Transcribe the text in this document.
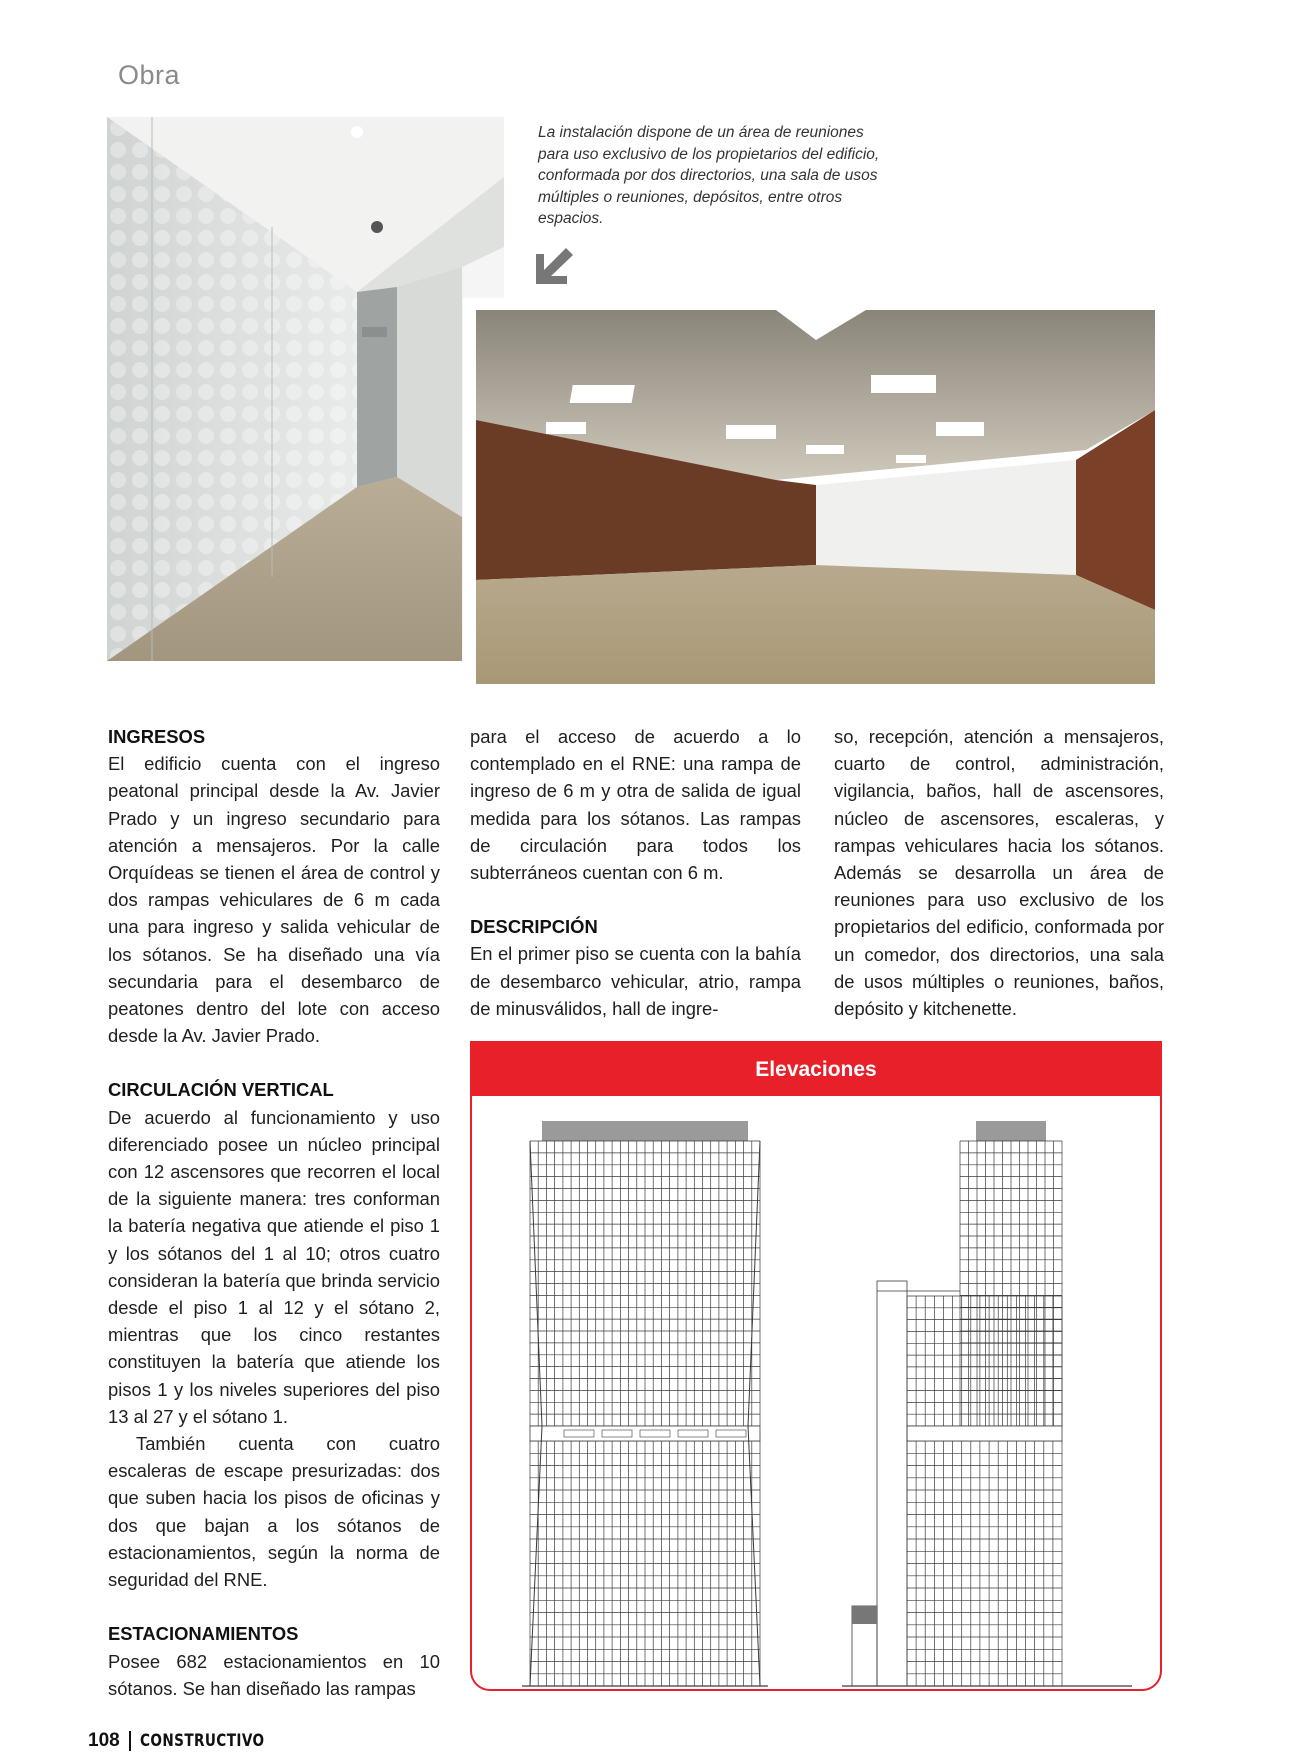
Obra
La instalación dispone de un área de reuniones para uso exclusivo de los propietarios del edificio, conformada por dos directorios, una sala de usos múltiples o reuniones, depósitos, entre otros espacios.
INGRESOS

El edificio cuenta con el ingreso peatonal principal desde la Av. Javier Prado y un ingreso secundario para atención a mensajeros. Por la calle Orquídeas se tienen el área de control y dos rampas vehiculares de 6 m cada una para ingreso y salida vehicular de los sótanos. Se ha diseñado una vía secundaria para el desembarco de peatones dentro del lote con acceso desde la Av. Javier Prado.

CIRCULACIÓN VERTICAL

De acuerdo al funcionamiento y uso diferenciado posee un núcleo principal con 12 ascensores que recorren el local de la siguiente manera: tres conforman la batería negativa que atiende el piso 1 y los sótanos del 1 al 10; otros cuatro consideran la batería que brinda servicio desde el piso 1 al 12 y el sótano 2, mientras que los cinco restantes constituyen la batería que atiende los pisos 1 y los niveles superiores del piso 13 al 27 y el sótano 1.

También cuenta con cuatro escaleras de escape presurizadas: dos que suben hacia los pisos de oficinas y dos que bajan a los sótanos de estacionamientos, según la norma de seguridad del RNE.

ESTACIONAMIENTOS

Posee 682 estacionamientos en 10 sótanos. Se han diseñado las rampas

para el acceso de acuerdo a lo contemplado en el RNE: una rampa de ingreso de 6 m y otra de salida de igual medida para los sótanos. Las rampas de circulación para todos los subterráneos cuentan con 6 m.

DESCRIPCIÓN

En el primer piso se cuenta con la bahía de desembarco vehicular, atrio, rampa de minusválidos, hall de ingre-

so, recepción, atención a mensajeros, cuarto de control, administración, vigilancia, baños, hall de ascensores, núcleo de ascensores, escaleras, y rampas vehiculares hacia los sótanos. Además se desarrolla un área de reuniones para uso exclusivo de los propietarios del edificio, conformada por un comedor, dos directorios, una sala de usos múltiples o reuniones, baños, depósito y kitchenette.

Elevaciones
108 CONSTRUCTIVO
